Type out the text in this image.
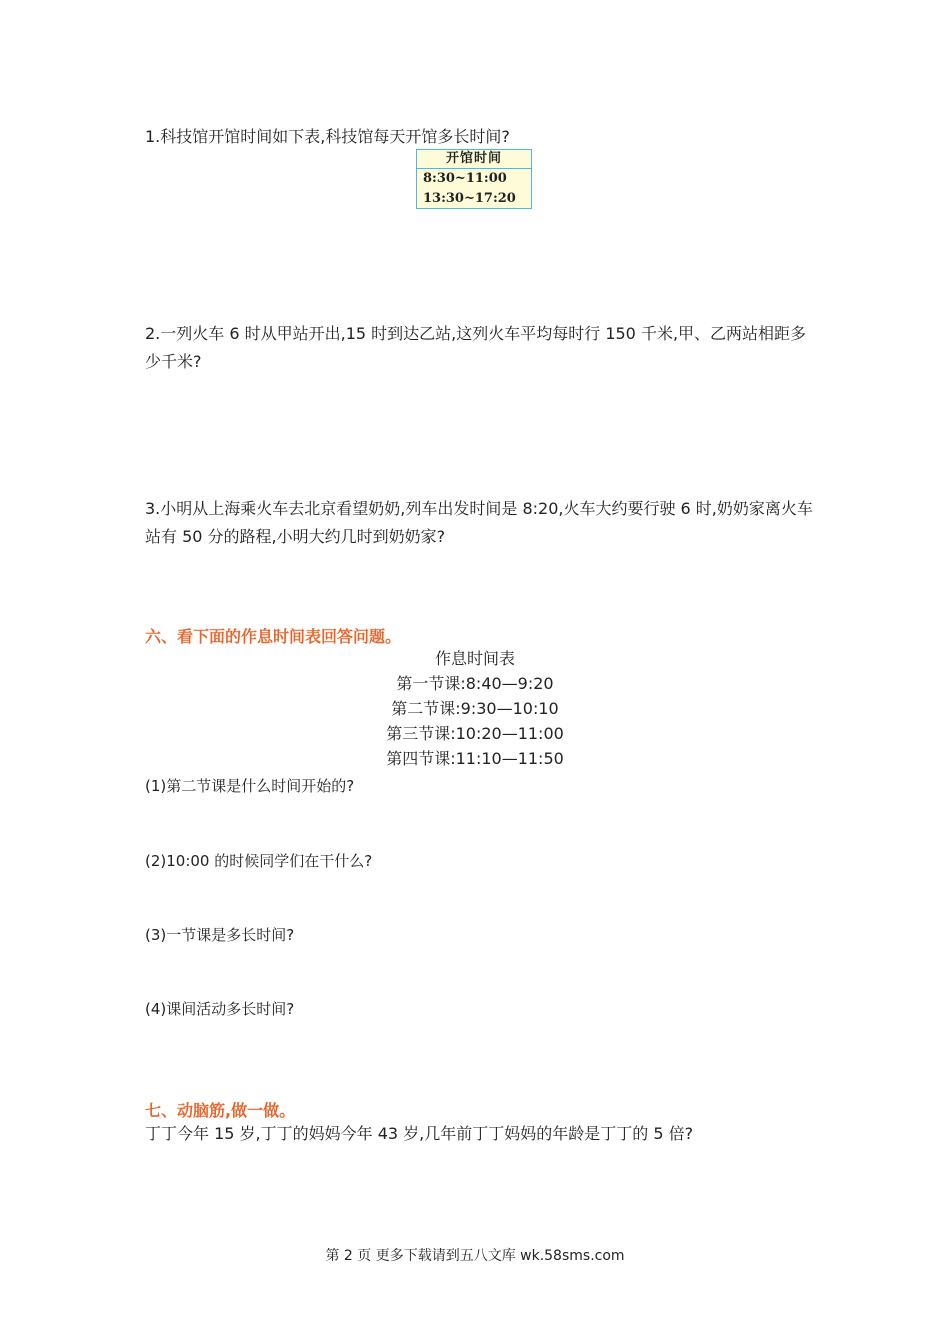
1.科技馆开馆时间如下表,科技馆每天开馆多长时间?

开馆时间
8:30~11:00
13:30~17:20

2.一列火车 6 时从甲站开出,15 时到达乙站,这列火车平均每时行 150 千米,甲、乙两站相距多少千米?

3.小明从上海乘火车去北京看望奶奶,列车出发时间是 8:20,火车大约要行驶 6 时,奶奶家离火车站有 50 分的路程,小明大约几时到奶奶家?

六、看下面的作息时间表回答问题。

作息时间表
第一节课:8:40—9:20
第二节课:9:30—10:10
第三节课:10:20—11:00
第四节课:11:10—11:50

(1)第二节课是什么时间开始的?

(2)10:00 的时候同学们在干什么?

(3)一节课是多长时间?

(4)课间活动多长时间?

七、动脑筋,做一做。

丁丁今年 15 岁,丁丁的妈妈今年 43 岁,几年前丁丁妈妈的年龄是丁丁的 5 倍?

第 2 页 更多下载请到五八文库 wk.58sms.com
